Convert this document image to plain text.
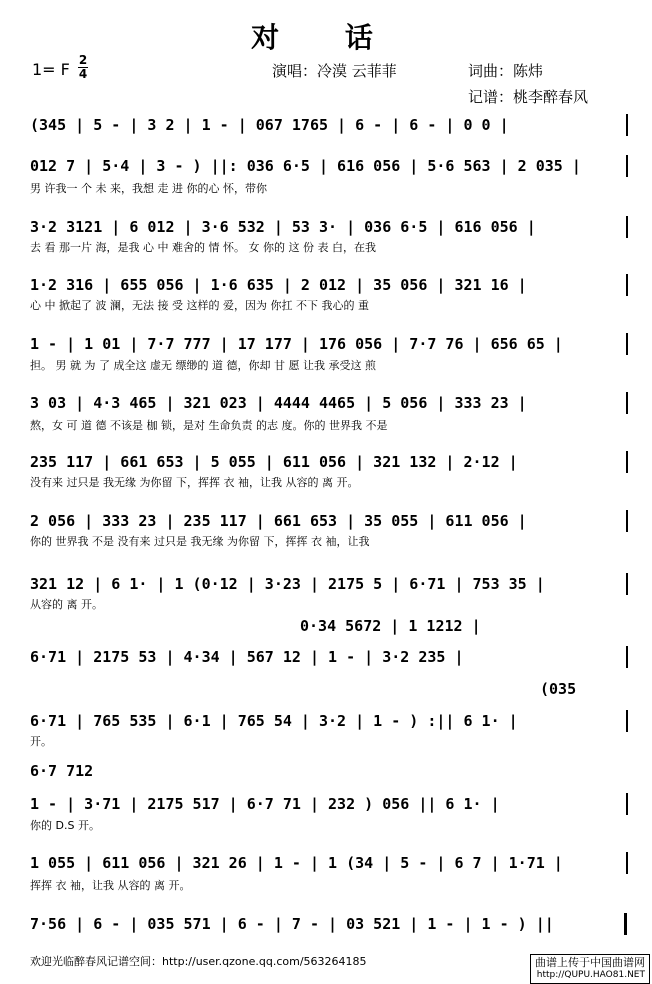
对 话
1= F 2
4	演唱：冷漠 云菲菲	词曲：陈炜
记谱：桃李醉春风
(345 | 5 - | 3 2 | 1 - | 067 1765 | 6 - | 6 - | 0 0 |
012 7 | 5·4 | 3 - ) ||: 036 6·5 | 616 056 | 5·6 563 | 2 035 |
男 许我一 个 未 来，我想 走 进 你的心 怀，带你
3·2 3121 | 6 012 | 3·6 532 | 53 3· | 036 6·5 | 616 056 |
去 看 那一片 海，是我 心 中 难舍的 情 怀。 女 你的 这 份 表 白，在我
1·2 316 | 655 056 | 1·6 635 | 2 012 | 35 056 | 321 16 |
心 中 掀起了 波 澜，无法 接 受 这样的 爱，因为 你扛 不下 我心的 重
1 - | 1 01 | 7·7 777 | 17 177 | 176 056 | 7·7 76 | 656 65 |
担。 男 就 为 了 成全这 虚无 缥缈的 道 德，你却 甘 愿 让我 承受这 煎
3 03 | 4·3 465 | 321 023 | 4444 4465 | 5 056 | 333 23 |
熬，女 可 道 德 不该是 枷 锁，是对 生命负责 的志 度。你的 世界我 不是
235 117 | 661 653 | 5 055 | 611 056 | 321 132 | 2·12 |
没有来 过只是 我无缘 为你留 下，挥挥 衣 袖，让我 从容的 离 开。
2 056 | 333 23 | 235 117 | 661 653 | 35 055 | 611 056 |
你的 世界我 不是 没有来 过只是 我无缘 为你留 下，挥挥 衣 袖，让我
321 12 | 6 1· | 1 (0·12 | 3·23 | 2175 5 | 6·71 | 753 35 |
从容的 离 开。
0·34 5672 | 1 1212 |
6·71 | 2175 53 | 4·34 | 567 12 | 1 - | 3·2 235 |
(035
6·71 | 765 535 | 6·1 | 765 54 | 3·2 | 1 - ) :|| 6 1· |
开。
6·7 712
1 - | 3·71 | 2175 517 | 6·7 71 | 232 ) 056 || 6 1· |
你的 D.S 开。
1 055 | 611 056 | 321 26 | 1 - | 1 (34 | 5 - | 6 7 | 1·71 |
挥挥 衣 袖，让我 从容的 离 开。
7·56 | 6 - | 035 571 | 6 - | 7 - | 03 521 | 1 - | 1 - ) ||
欢迎光临醉春风记谱空间：http://user.qzone.qq.com/563264185	曲谱上传于中国曲谱网
http://QUPU.HAO81.NET
